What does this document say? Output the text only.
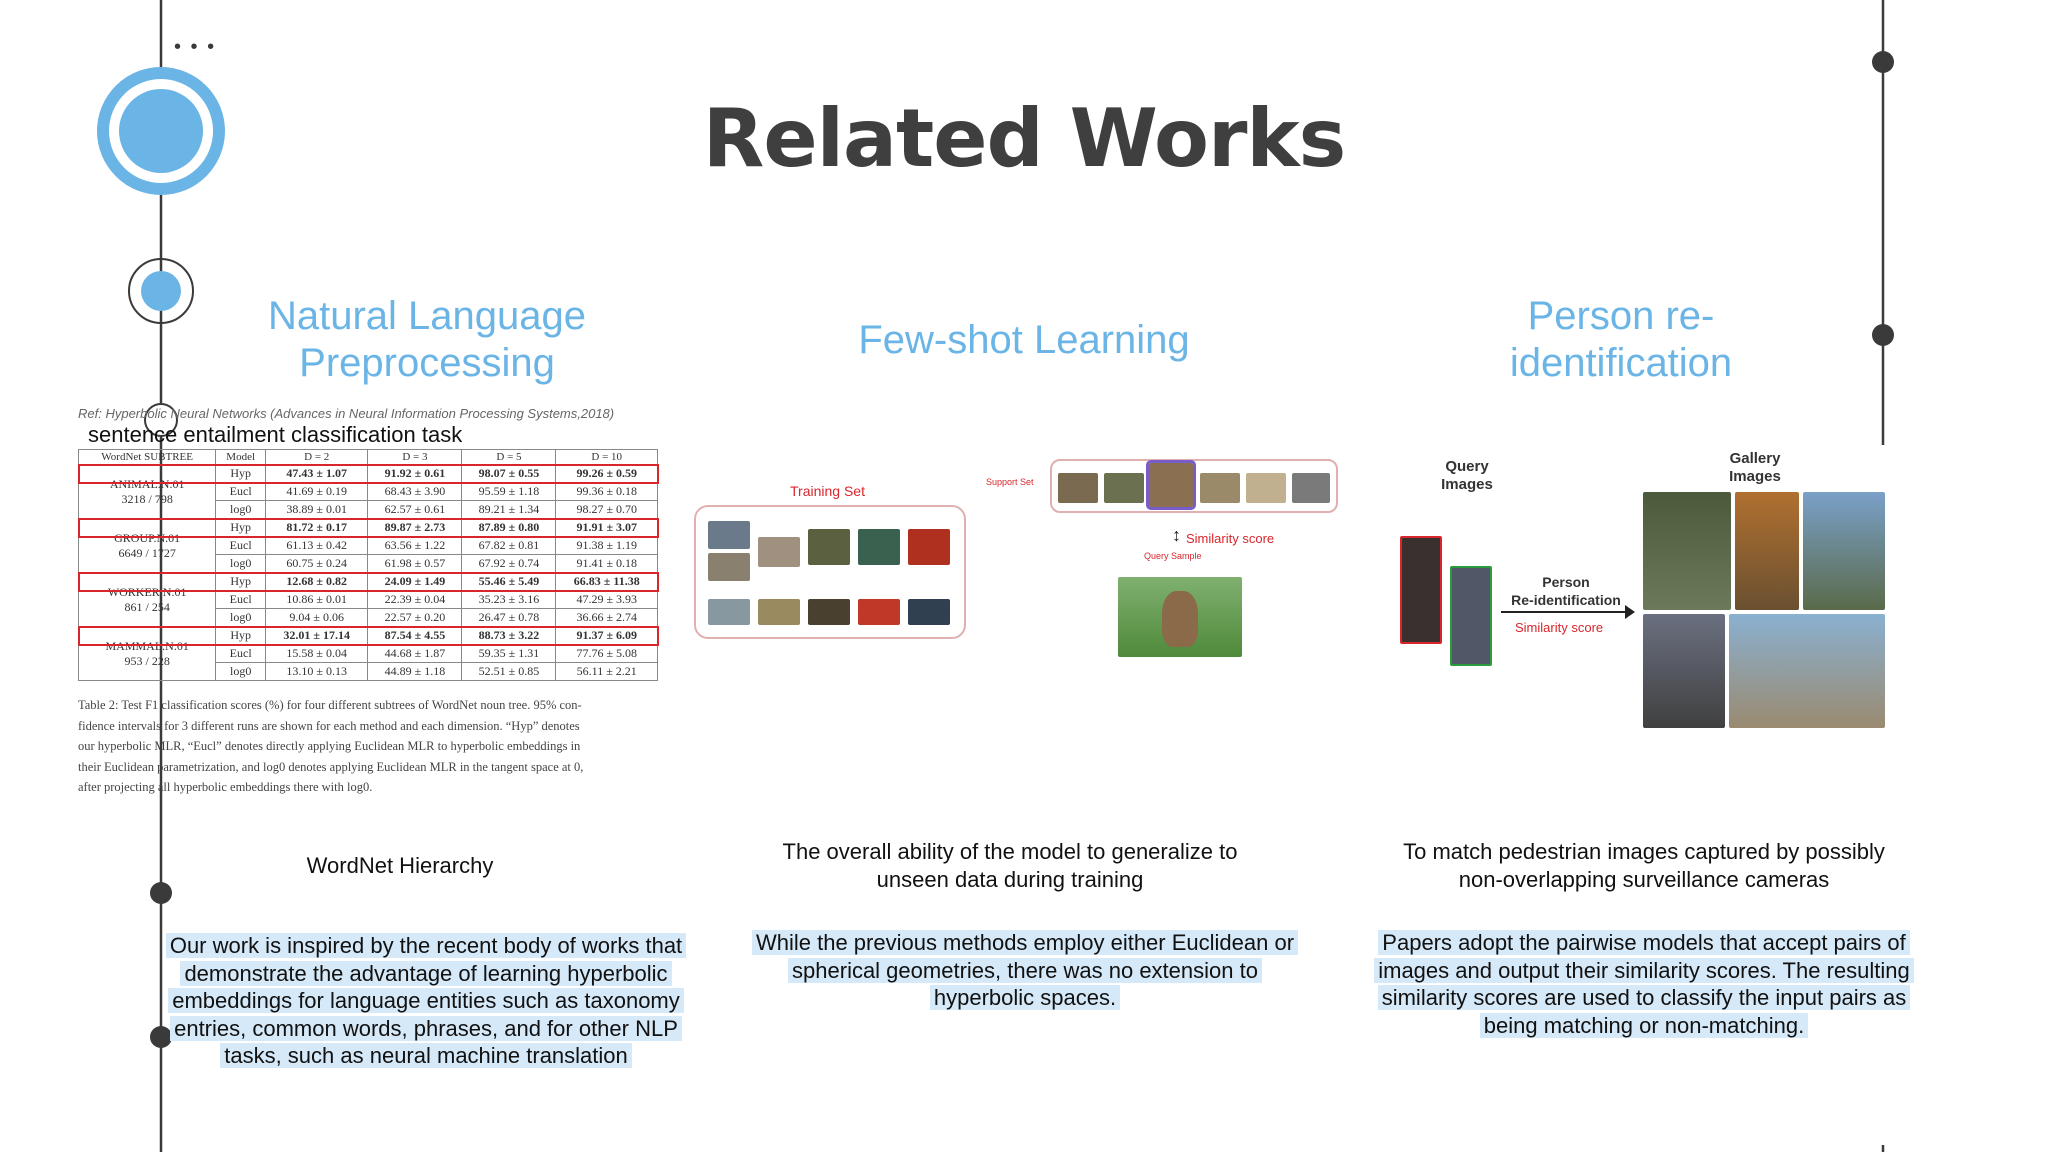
• • •
Related Works
Natural Language
Preprocessing
Few-shot Learning
Person re-
identification
Ref: Hyperbolic Neural Networks (Advances in Neural Information Processing Systems,2018)
sentence entailment classification task
WordNet SUBTREE	Model	D = 2	D = 3	D = 5	D = 10

ANIMAL.N.01
3218 / 798	Hyp	47.43 ± 1.07	91.92 ± 0.61	98.07 ± 0.55	99.26 ± 0.59
	Eucl	41.69 ± 0.19	68.43 ± 3.90	95.59 ± 1.18	99.36 ± 0.18
	log0	38.89 ± 0.01	62.57 ± 0.61	89.21 ± 1.34	98.27 ± 0.70

GROUP.N.01
6649 / 1727	Hyp	81.72 ± 0.17	89.87 ± 2.73	87.89 ± 0.80	91.91 ± 3.07
	Eucl	61.13 ± 0.42	63.56 ± 1.22	67.82 ± 0.81	91.38 ± 1.19
	log0	60.75 ± 0.24	61.98 ± 0.57	67.92 ± 0.74	91.41 ± 0.18

WORKER.N.01
861 / 254	Hyp	12.68 ± 0.82	24.09 ± 1.49	55.46 ± 5.49	66.83 ± 11.38
	Eucl	10.86 ± 0.01	22.39 ± 0.04	35.23 ± 3.16	47.29 ± 3.93
	log0	9.04 ± 0.06	22.57 ± 0.20	26.47 ± 0.78	36.66 ± 2.74

MAMMAL.N.01
953 / 228	Hyp	32.01 ± 17.14	87.54 ± 4.55	88.73 ± 3.22	91.37 ± 6.09
	Eucl	15.58 ± 0.04	44.68 ± 1.87	59.35 ± 1.31	77.76 ± 5.08
	log0	13.10 ± 0.13	44.89 ± 1.18	52.51 ± 0.85	56.11 ± 2.21
Table 2: Test F1 classification scores (%) for four different subtrees of WordNet noun tree. 95% con-
fidence intervals for 3 different runs are shown for each method and each dimension. “Hyp” denotes
our hyperbolic MLR, “Eucl” denotes directly applying Euclidean MLR to hyperbolic embeddings in
their Euclidean parametrization, and log0 denotes applying Euclidean MLR in the tangent space at 0,
after projecting all hyperbolic embeddings there with log0.
WordNet Hierarchy
Training Set
Support Set
↕ Similarity score
Query Sample
The overall ability of the model to generalize to
unseen data during training
Query
Images
Gallery
Images
Person
Re-identification
Similarity score
To match pedestrian images captured by possibly
non-overlapping surveillance cameras
Our work is inspired by the recent body of works that
demonstrate the advantage of learning hyperbolic
embeddings for language entities such as taxonomy
entries, common words, phrases, and for other NLP
tasks, such as neural machine translation
While the previous methods employ either Euclidean or
spherical geometries, there was no extension to
hyperbolic spaces.
Papers adopt the pairwise models that accept pairs of
images and output their similarity scores. The resulting
similarity scores are used to classify the input pairs as
being matching or non-matching.
